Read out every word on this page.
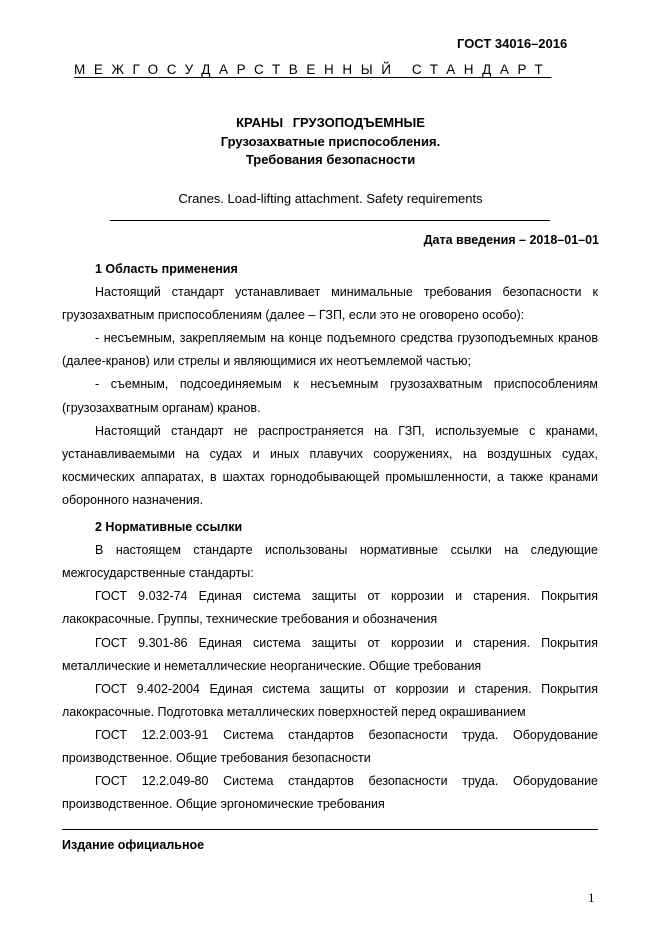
ГОСТ 34016–2016
МЕЖГОСУДАРСТВЕННЫЙ СТАНДАРТ
КРАНЫ ГРУЗОПОДЪЕМНЫЕ
Грузозахватные приспособления.
Требования безопасности
Cranes. Load-lifting attachment. Safety requirements
Дата введения – 2018–01–01
1 Область применения

Настоящий стандарт устанавливает минимальные требования безопасности к грузозахватным приспособлениям (далее – ГЗП, если это не оговорено особо):

- несъемным, закрепляемым на конце подъемного средства грузоподъемных кранов (далее-кранов) или стрелы и являющимися их неотъемлемой частью;

- съемным, подсоединяемым к несъемным грузозахватным приспособлениям (грузозахватным органам) кранов.

Настоящий стандарт не распространяется на ГЗП, используемые с кранами, устанавливаемыми на судах и иных плавучих сооружениях, на воздушных судах, космических аппаратах, в шахтах горнодобывающей промышленности, а также кранами оборонного назначения.

2 Нормативные ссылки

В настоящем стандарте использованы нормативные ссылки на следующие межгосударственные стандарты:

ГОСТ 9.032-74 Единая система защиты от коррозии и старения. Покрытия лакокрасочные. Группы, технические требования и обозначения

ГОСТ 9.301-86 Единая система защиты от коррозии и старения. Покрытия металлические и неметаллические неорганические. Общие требования

ГОСТ 9.402-2004 Единая система защиты от коррозии и старения. Покрытия лакокрасочные. Подготовка металлических поверхностей перед окрашиванием

ГОСТ 12.2.003-91 Система стандартов безопасности труда. Оборудование производственное. Общие требования безопасности

ГОСТ 12.2.049-80 Система стандартов безопасности труда. Оборудование производственное. Общие эргономические требования

Издание официальное
1
